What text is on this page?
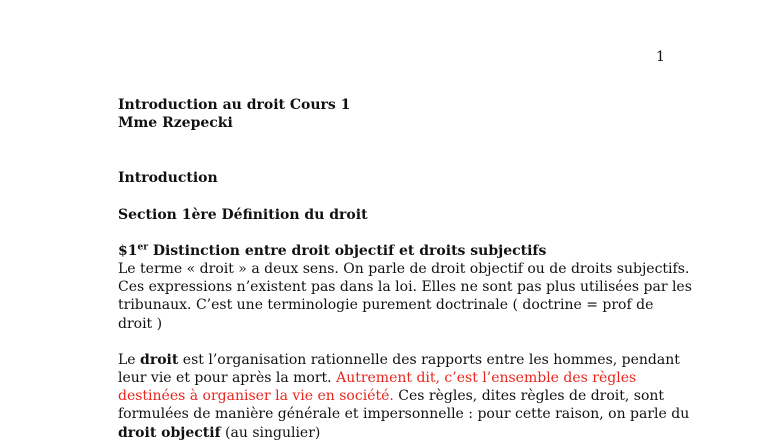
1
Introduction au droit Cours 1
Mme Rzepecki
Introduction
Section 1ère Définition du droit
$1er Distinction entre droit objectif et droits subjectifs
Le terme « droit » a deux sens. On parle de droit objectif ou de droits subjectifs.
Ces expressions n’existent pas dans la loi. Elles ne sont pas plus utilisées par les
tribunaux. C’est une terminologie purement doctrinale ( doctrine = prof de
droit )
Le droit est l’organisation rationnelle des rapports entre les hommes, pendant
leur vie et pour après la mort. Autrement dit, c’est l’ensemble des règles
destinées à organiser la vie en société. Ces règles, dites règles de droit, sont
formulées de manière générale et impersonnelle : pour cette raison, on parle du
droit objectif (au singulier)
